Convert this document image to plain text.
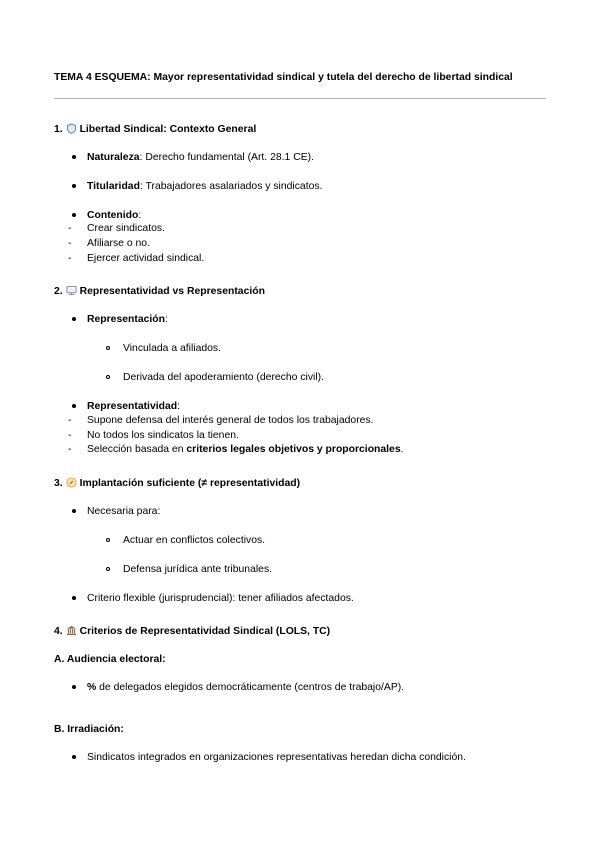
TEMA 4 ESQUEMA: Mayor representatividad sindical y tutela del derecho de libertad sindical
1. Libertad Sindical: Contexto General
Naturaleza: Derecho fundamental (Art. 28.1 CE).
Titularidad: Trabajadores asalariados y sindicatos.
Contenido:
- Crear sindicatos.
- Afiliarse o no.
- Ejercer actividad sindical.
2. Representatividad vs Representación
Representación:
Vinculada a afiliados.
Derivada del apoderamiento (derecho civil).
Representatividad:
- Supone defensa del interés general de todos los trabajadores.
- No todos los sindicatos la tienen.
- Selección basada en criterios legales objetivos y proporcionales.
3. Implantación suficiente (≠ representatividad)
Necesaria para:
Actuar en conflictos colectivos.
Defensa jurídica ante tribunales.
Criterio flexible (jurisprudencial): tener afiliados afectados.
4. Criterios de Representatividad Sindical (LOLS, TC)
A. Audiencia electoral:
% de delegados elegidos democráticamente (centros de trabajo/AP).
B. Irradiación:
Sindicatos integrados en organizaciones representativas heredan dicha condición.
